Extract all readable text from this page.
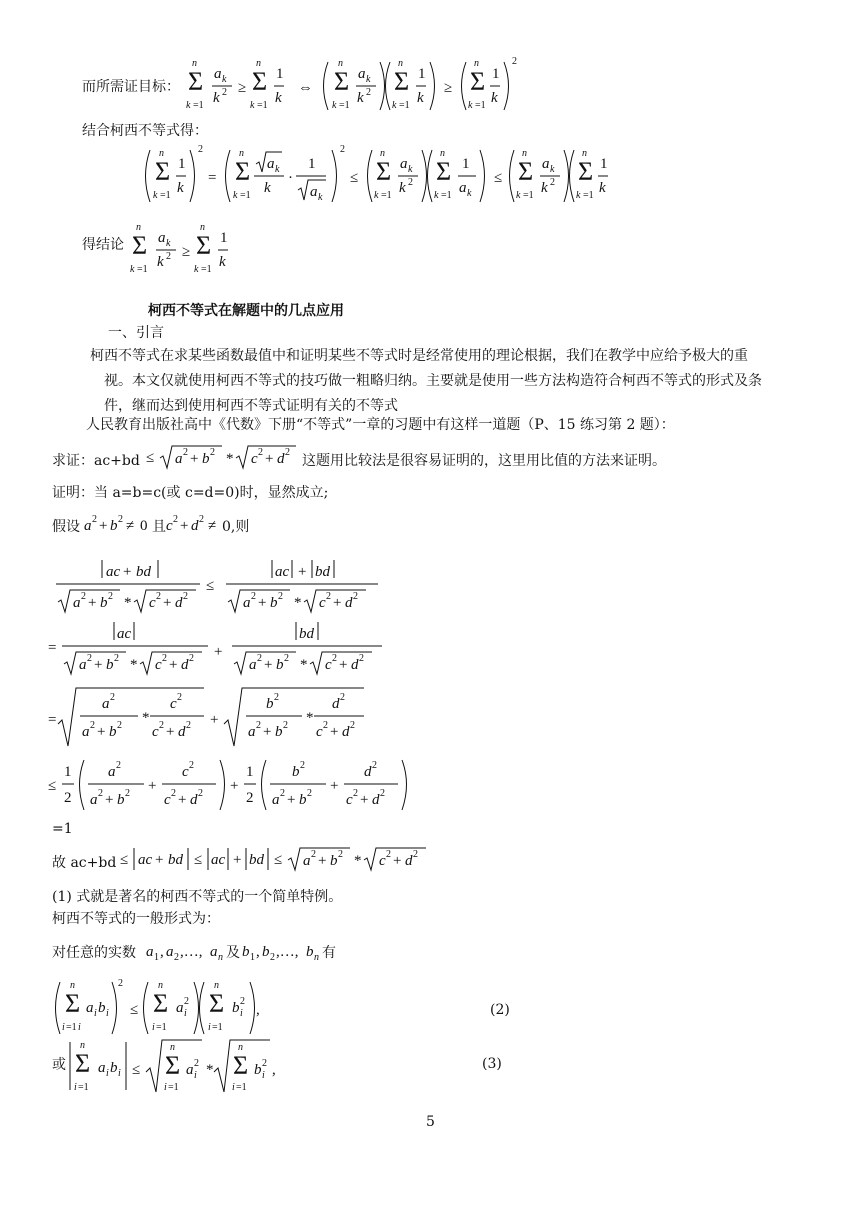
而所需证目标：
n
Σ
k =1
a k
k 2 ≥
n
Σ
k =1
1
k
⇔
n
Σ
k =1
a k
k 2
n
Σ
k =1
1
k
≥
n
Σ
k =1
1
k
2
结合柯西不等式得：
n
Σ
k =1
1
k
2
=
n
Σ
k =1
a k
k
·
1
a k
2
≤
n
Σ
k =1
a k
k 2
n
Σ
k =1
1
a k
≤
n
Σ
k =1
a k
k 2
n
Σ
k =1
1
k
得结论
n
Σ
k =1
a k
k 2 ≥
n
Σ
k =1
1
k
柯西不等式在解题中的几点应用
一、引言
柯西不等式在求某些函数最值中和证明某些不等式时是经常使用的理论根据，我们在教学中应给予极大的重
视。本文仅就使用柯西不等式的技巧做一粗略归纳。主要就是使用一些方法构造符合柯西不等式的形式及条
件，继而达到使用柯西不等式证明有关的不等式
人民教育出版社高中《代数》下册“不等式”一章的习题中有这样一道题（P、15 练习第 2 题）：
求证：ac+bd ≤ a 2 + b 2 * c 2 + d 2
这题用比较法是很容易证明的，这里用比值的方法来证明。
证明：当 a=b=c(或 c=d=0)时，显然成立;
假设 a 2 + b 2 ≠ 0 且 c 2 + d 2 ≠ 0,则
ac + bd
a 2 + b 2 * c 2 + d 2
≤
ac + bd
a 2 + b 2 * c 2 + d 2
=
ac
a 2 + b 2 * c 2 + d 2 +
bd
a 2 + b 2 * c 2 + d 2
=
a 2
a 2 + b 2 *
c 2
c 2 + d 2 +
b 2
a 2 + b 2 *
d 2
c 2 + d 2
≤
1
2
a 2
a 2 + b 2 +
c 2
c 2 + d 2 +
1
2
b 2
a 2 + b 2 +
d 2
c 2 + d 2
=1
故 ac+bd ≤ ac + bd ≤ ac + bd ≤ a 2 + b 2 * c 2 + d 2
(1) 式就是著名的柯西不等式的一个简单特例。
柯西不等式的一般形式为：
对任意的实数 a 1 , a 2 ,…, a n 及 b 1 , b 2 ,…, b n 有
n
Σ
i =1 i
a i b i
2
≤
n
Σ
i =1
a 2
i
n
Σ
i =1
b 2
i ,	(2)
或
n
Σ
i =1
a i b i ≤
n
Σ
i =1
a 2
i *
n
Σ
i =1
b 2
i ,	(3)
5
